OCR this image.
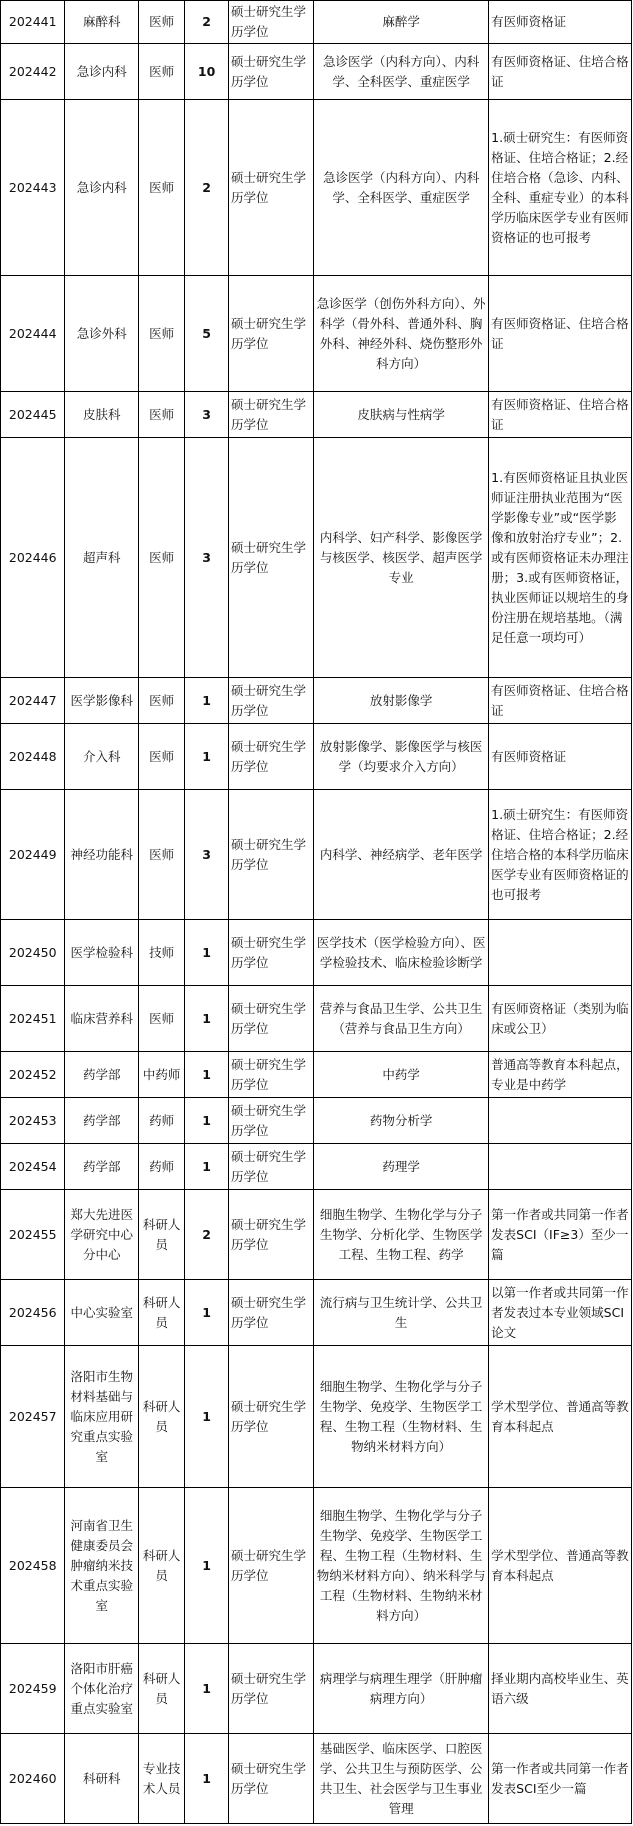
202441	麻醉科	医师	2	硕士研究生学历学位	麻醉学	有医师资格证
202442	急诊内科	医师	10	硕士研究生学历学位	急诊医学（内科方向）、内科学、全科医学、重症医学	有医师资格证、住培合格证
202443	急诊内科	医师	2	硕士研究生学历学位	急诊医学（内科方向）、内科学、全科医学、重症医学	1.硕士研究生：有医师资格证、住培合格证；2.经住培合格（急诊、内科、全科、重症专业）的本科学历临床医学专业有医师资格证的也可报考
202444	急诊外科	医师	5	硕士研究生学历学位	急诊医学（创伤外科方向）、外科学（骨外科、普通外科、胸外科、神经外科、烧伤整形外科方向）	有医师资格证、住培合格证
202445	皮肤科	医师	3	硕士研究生学历学位	皮肤病与性病学	有医师资格证、住培合格证
202446	超声科	医师	3	硕士研究生学历学位	内科学、妇产科学、影像医学与核医学、核医学、超声医学专业	1.有医师资格证且执业医师证注册执业范围为“医学影像专业”或“医学影像和放射治疗专业”；2.或有医师资格证未办理注册；3.或有医师资格证，执业医师证以规培生的身份注册在规培基地。（满足任意一项均可）
202447	医学影像科	医师	1	硕士研究生学历学位	放射影像学	有医师资格证、住培合格证
202448	介入科	医师	1	硕士研究生学历学位	放射影像学、影像医学与核医学（均要求介入方向）	有医师资格证
202449	神经功能科	医师	3	硕士研究生学历学位	内科学、神经病学、老年医学	1.硕士研究生：有医师资格证、住培合格证；2.经住培合格的本科学历临床医学专业有医师资格证的也可报考
202450	医学检验科	技师	1	硕士研究生学历学位	医学技术（医学检验方向）、医学检验技术、临床检验诊断学	
202451	临床营养科	医师	1	硕士研究生学历学位	营养与食品卫生学、公共卫生（营养与食品卫生方向）	有医师资格证（类别为临床或公卫）
202452	药学部	中药师	1	硕士研究生学历学位	中药学	普通高等教育本科起点，专业是中药学
202453	药学部	药师	1	硕士研究生学历学位	药物分析学	
202454	药学部	药师	1	硕士研究生学历学位	药理学	
202455	郑大先进医学研究中心分中心	科研人员	2	硕士研究生学历学位	细胞生物学、生物化学与分子生物学、分析化学、生物医学工程、生物工程、药学	第一作者或共同第一作者发表SCI（IF≥3）至少一篇
202456	中心实验室	科研人员	1	硕士研究生学历学位	流行病与卫生统计学、公共卫生	以第一作者或共同第一作者发表过本专业领域SCI论文
202457	洛阳市生物材料基础与临床应用研究重点实验室	科研人员	1	硕士研究生学历学位	细胞生物学、生物化学与分子生物学、免疫学、生物医学工程、生物工程（生物材料、生物纳米材料方向）	学术型学位、普通高等教育本科起点
202458	河南省卫生健康委员会肿瘤纳米技术重点实验室	科研人员	1	硕士研究生学历学位	细胞生物学、生物化学与分子生物学、免疫学、生物医学工程、生物工程（生物材料、生物纳米材料方向）、纳米科学与工程（生物材料、生物纳米材料方向）	学术型学位、普通高等教育本科起点
202459	洛阳市肝癌个体化治疗重点实验室	科研人员	1	硕士研究生学历学位	病理学与病理生理学（肝肿瘤病理方向）	择业期内高校毕业生、英语六级
202460	科研科	专业技术人员	1	硕士研究生学历学位	基础医学、临床医学、口腔医学、公共卫生与预防医学、公共卫生、社会医学与卫生事业管理	第一作者或共同第一作者发表SCI至少一篇
